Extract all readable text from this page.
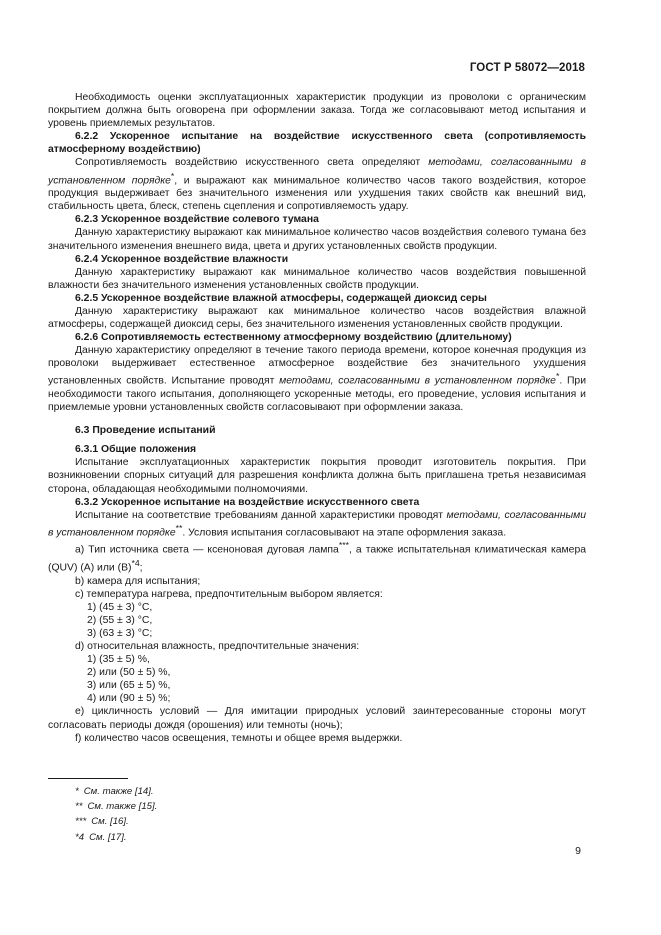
ГОСТ Р 58072—2018

Необходимость оценки эксплуатационных характеристик продукции из проволоки с органическим покрытием должна быть оговорена при оформлении заказа. Тогда же согласовывают метод испытания и уровень приемлемых результатов.

6.2.2 Ускоренное испытание на воздействие искусственного света (сопротивляемость атмосферному воздействию)

Сопротивляемость воздействию искусственного света определяют методами, согласованными в установленном порядке*, и выражают как минимальное количество часов такого воздействия, которое продукция выдерживает без значительного изменения или ухудшения таких свойств как внешний вид, стабильность цвета, блеск, степень сцепления и сопротивляемость удару.

6.2.3 Ускоренное воздействие солевого тумана

Данную характеристику выражают как минимальное количество часов воздействия солевого тумана без значительного изменения внешнего вида, цвета и других установленных свойств продукции.

6.2.4 Ускоренное воздействие влажности

Данную характеристику выражают как минимальное количество часов воздействия повышенной влажности без значительного изменения установленных свойств продукции.

6.2.5 Ускоренное воздействие влажной атмосферы, содержащей диоксид серы

Данную характеристику выражают как минимальное количество часов воздействия влажной атмосферы, содержащей диоксид серы, без значительного изменения установленных свойств продукции.

6.2.6 Сопротивляемость естественному атмосферному воздействию (длительному)

Данную характеристику определяют в течение такого периода времени, которое конечная продукция из проволоки выдерживает естественное атмосферное воздействие без значительного ухудшения установленных свойств. Испытание проводят методами, согласованными в установленном порядке*. При необходимости такого испытания, дополняющего ускоренные методы, его проведение, условия испытания и приемлемые уровни установленных свойств согласовывают при оформлении заказа.

6.3 Проведение испытаний

6.3.1 Общие положения

Испытание эксплуатационных характеристик покрытия проводит изготовитель покрытия. При возникновении спорных ситуаций для разрешения конфликта должна быть приглашена третья независимая сторона, обладающая необходимыми полномочиями.

6.3.2 Ускоренное испытание на воздействие искусственного света

Испытание на соответствие требованиям данной характеристики проводят методами, согласованными в установленном порядке**. Условия испытания согласовывают на этапе оформления заказа.

a) Тип источника света — ксеноновая дуговая лампа***, а также испытательная климатическая камера (QUV) (A) или $(B)^{*4}$;

b) камера для испытания;

c) температура нагрева, предпочтительным выбором является:

1) (45 ± 3) °C,

2) (55 ± 3) °C,

3) (63 ± 3) °C;

d) относительная влажность, предпочтительные значения:

1) (35 ± 5) %,

2) или (50 ± 5) %,

3) или (65 ± 5) %,

4) или (90 ± 5) %;

e) цикличность условий — Для имитации природных условий заинтересованные стороны могут согласовать периоды дождя (орошения) или темноты (ночь);

f) количество часов освещения, темноты и общее время выдержки.

* См. также [14].
** См. также [15].
*** См. [16].
*4 См. [17].
9
